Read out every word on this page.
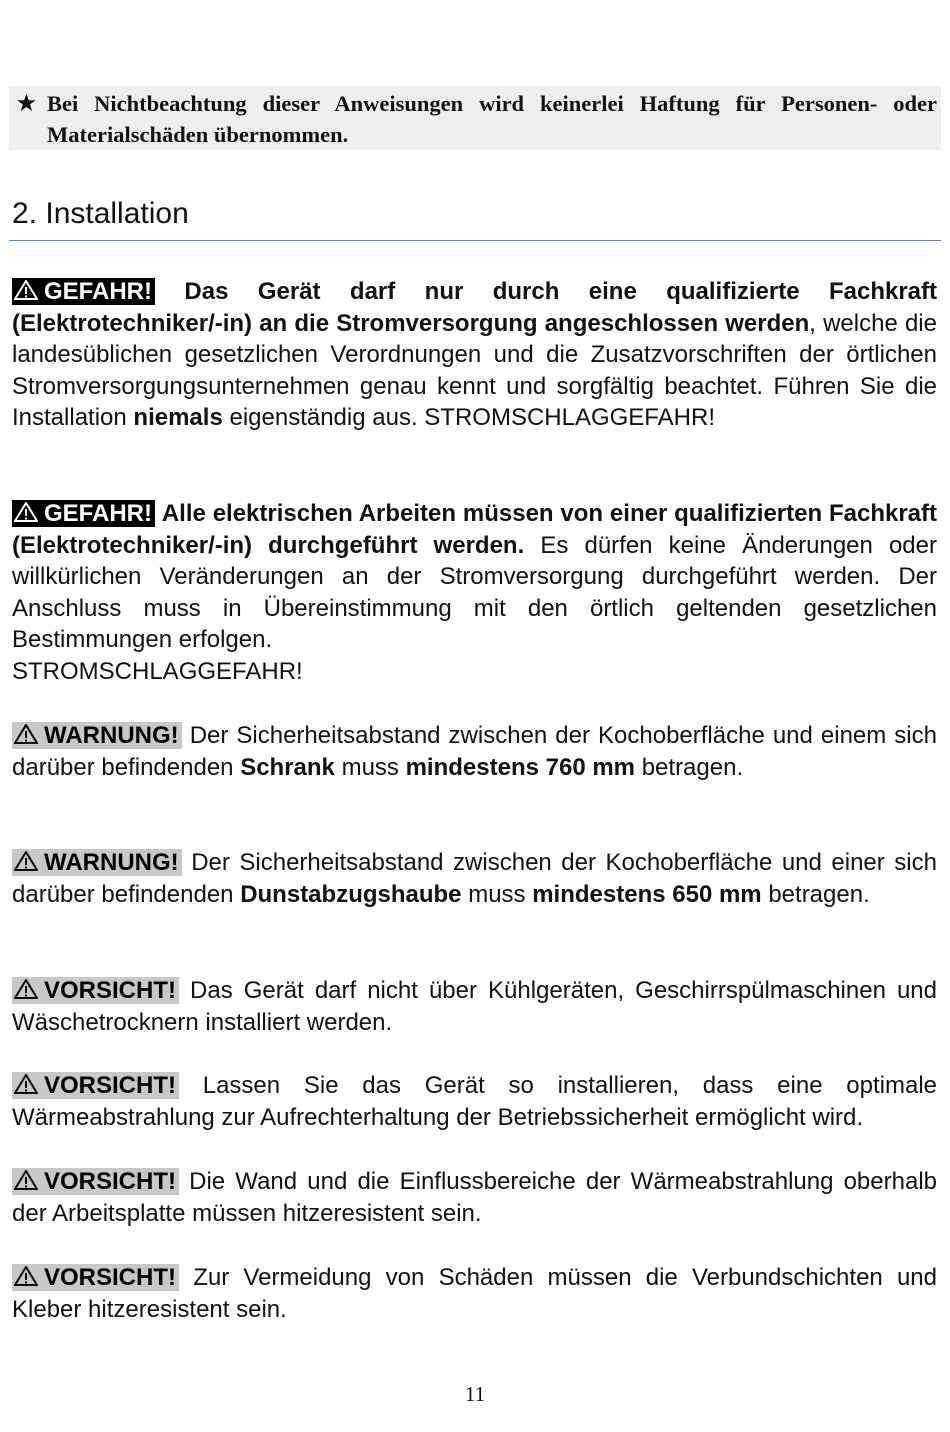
★ Bei Nichtbeachtung dieser Anweisungen wird keinerlei Haftung für Personen- oder Materialschäden übernommen.
2. Installation

GEFAHR! Das Gerät darf nur durch eine qualifizierte Fachkraft (Elektrotechniker/-in) an die Stromversorgung angeschlossen werden, welche die landesüblichen gesetzlichen Verordnungen und die Zusatzvorschriften der örtlichen Stromversorgungsunternehmen genau kennt und sorgfältig beachtet. Führen Sie die Installation niemals eigenständig aus. STROMSCHLAGGEFAHR!

GEFAHR! Alle elektrischen Arbeiten müssen von einer qualifizierten Fachkraft (Elektrotechniker/-in) durchgeführt werden. Es dürfen keine Änderungen oder willkürlichen Veränderungen an der Stromversorgung durchgeführt werden. Der Anschluss muss in Übereinstimmung mit den örtlich geltenden gesetzlichen Bestimmungen erfolgen.
STROMSCHLAGGEFAHR!

WARNUNG! Der Sicherheitsabstand zwischen der Kochoberfläche und einem sich darüber befindenden Schrank muss mindestens 760 mm betragen.

WARNUNG! Der Sicherheitsabstand zwischen der Kochoberfläche und einer sich darüber befindenden Dunstabzugshaube muss mindestens 650 mm betragen.

VORSICHT! Das Gerät darf nicht über Kühlgeräten, Geschirrspülmaschinen und Wäschetrocknern installiert werden.

VORSICHT! Lassen Sie das Gerät so installieren, dass eine optimale Wärmeabstrahlung zur Aufrechterhaltung der Betriebssicherheit ermöglicht wird.

VORSICHT! Die Wand und die Einflussbereiche der Wärmeabstrahlung oberhalb der Arbeitsplatte müssen hitzeresistent sein.

VORSICHT! Zur Vermeidung von Schäden müssen die Verbundschichten und Kleber hitzeresistent sein.

11
